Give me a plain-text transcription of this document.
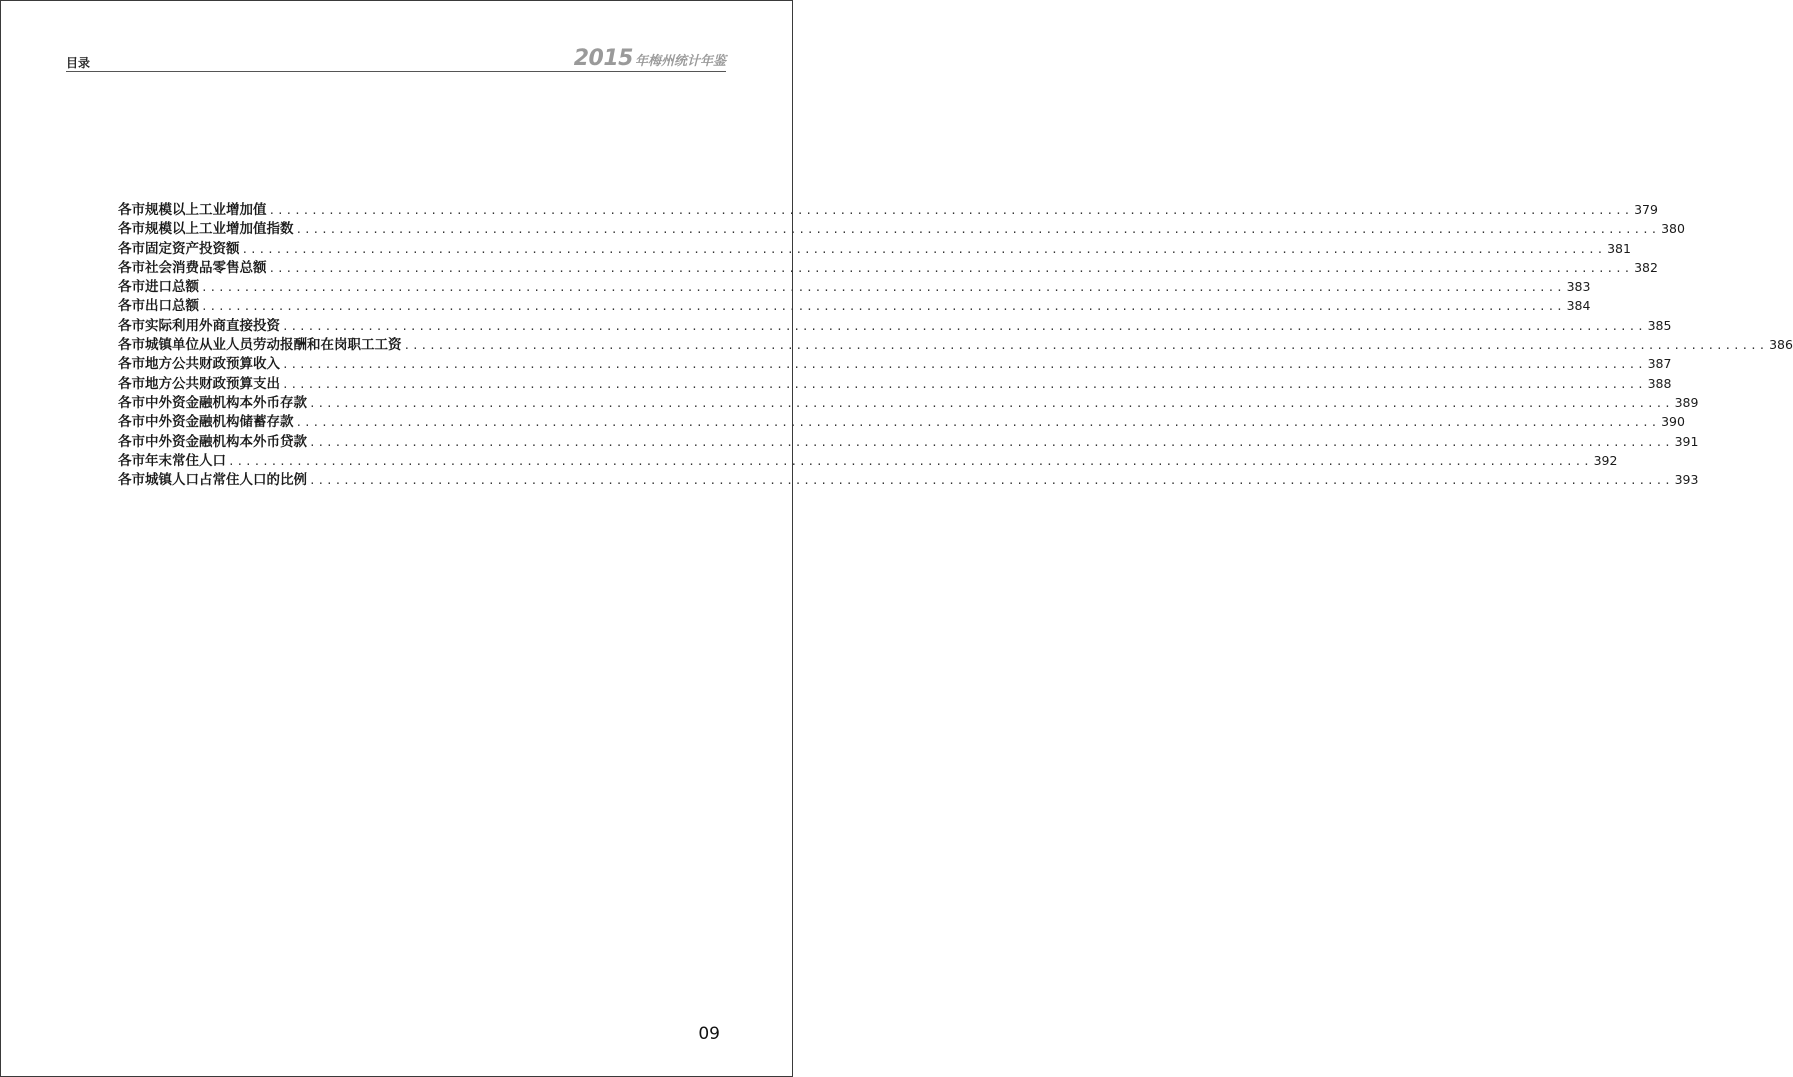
目录	2015 年梅州统计年鉴
各市规模以上工业增加值 ................................................................................................................................................................ 379
各市规模以上工业增加值指数 ................................................................................................................................................................ 380
各市固定资产投资额 ................................................................................................................................................................ 381
各市社会消费品零售总额 ................................................................................................................................................................ 382
各市进口总额 ................................................................................................................................................................ 383
各市出口总额 ................................................................................................................................................................ 384
各市实际利用外商直接投资 ................................................................................................................................................................ 385
各市城镇单位从业人员劳动报酬和在岗职工工资 ................................................................................................................................................................ 386
各市地方公共财政预算收入 ................................................................................................................................................................ 387
各市地方公共财政预算支出 ................................................................................................................................................................ 388
各市中外资金融机构本外币存款 ................................................................................................................................................................ 389
各市中外资金融机构储蓄存款 ................................................................................................................................................................ 390
各市中外资金融机构本外币贷款 ................................................................................................................................................................ 391
各市年末常住人口 ................................................................................................................................................................ 392
各市城镇人口占常住人口的比例 ................................................................................................................................................................ 393
09
